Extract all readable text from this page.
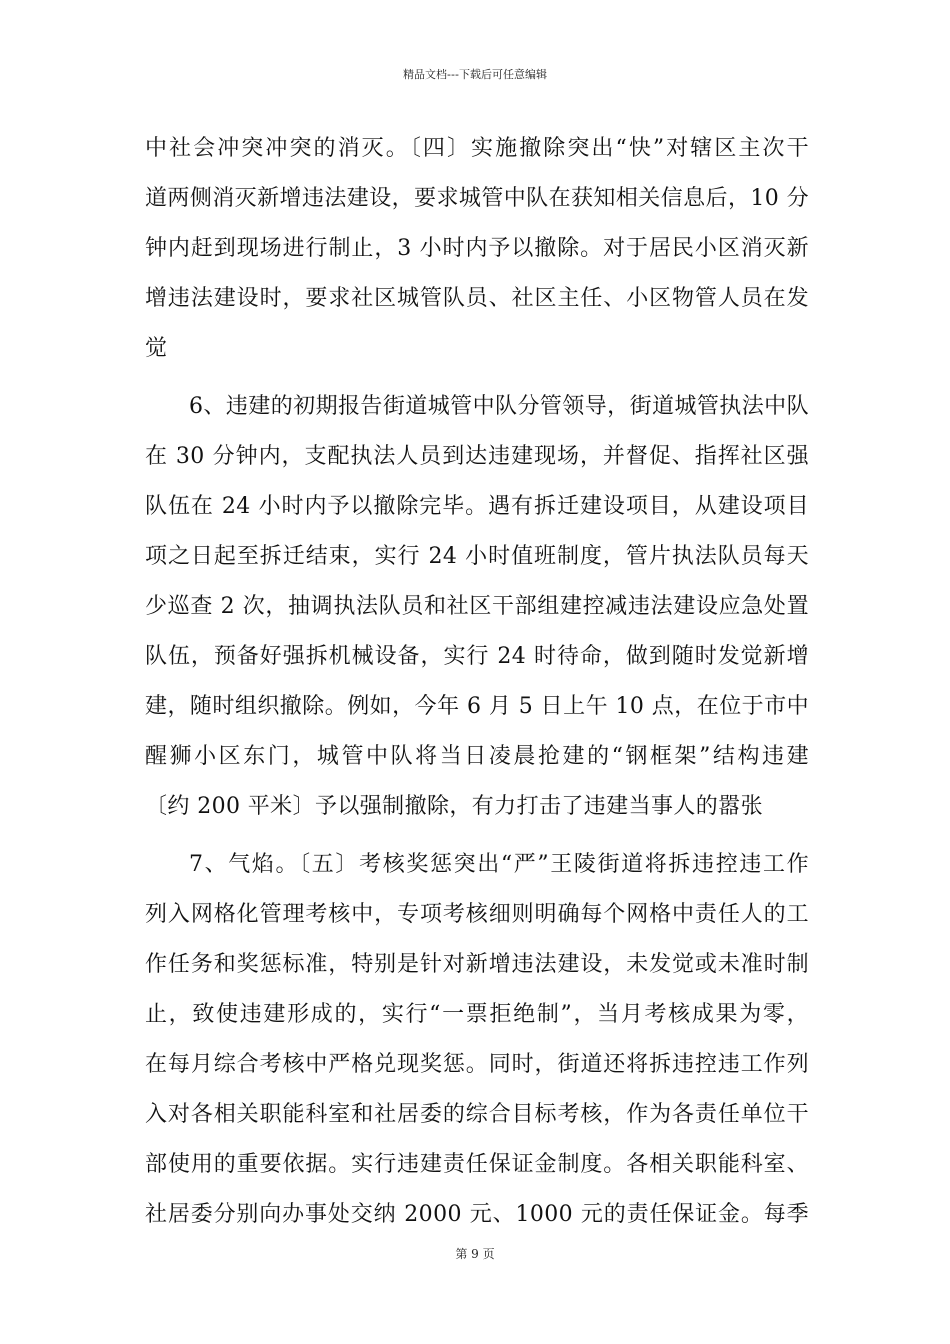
精品文档---下载后可任意编辑
中社会冲突冲突的消灭。〔四〕实施撤除突出“快”对辖区主次干
道两侧消灭新增违法建设，要求城管中队在获知相关信息后，10 分
钟内赶到现场进行制止，3 小时内予以撤除。对于居民小区消灭新
增违法建设时，要求社区城管队员、社区主任、小区物管人员在发
觉
6、违建的初期报告街道城管中队分管领导，街道城管执法中队
在 30 分钟内，支配执法人员到达违建现场，并督促、指挥社区强
队伍在 24 小时内予以撤除完毕。遇有拆迁建设项目，从建设项目
项之日起至拆迁结束，实行 24 小时值班制度，管片执法队员每天
少巡查 2 次，抽调执法队员和社区干部组建控减违法建设应急处置
队伍，预备好强拆机械设备，实行 24 时待命，做到随时发觉新增
建，随时组织撤除。例如，今年 6 月 5 日上午 10 点，在位于市中
醒狮小区东门，城管中队将当日凌晨抢建的“钢框架”结构违建
〔约 200 平米〕予以强制撤除，有力打击了违建当事人的嚣张
7、气焰。〔五〕考核奖惩突出“严”王陵街道将拆违控违工作
列入网格化管理考核中，专项考核细则明确每个网格中责任人的工
作任务和奖惩标准，特别是针对新增违法建设，未发觉或未准时制
止，致使违建形成的，实行“一票拒绝制”，当月考核成果为零，
在每月综合考核中严格兑现奖惩。同时，街道还将拆违控违工作列
入对各相关职能科室和社居委的综合目标考核，作为各责任单位干
部使用的重要依据。实行违建责任保证金制度。各相关职能科室、
社居委分别向办事处交纳 2000 元、1000 元的责任保证金。每季
第 9 页
